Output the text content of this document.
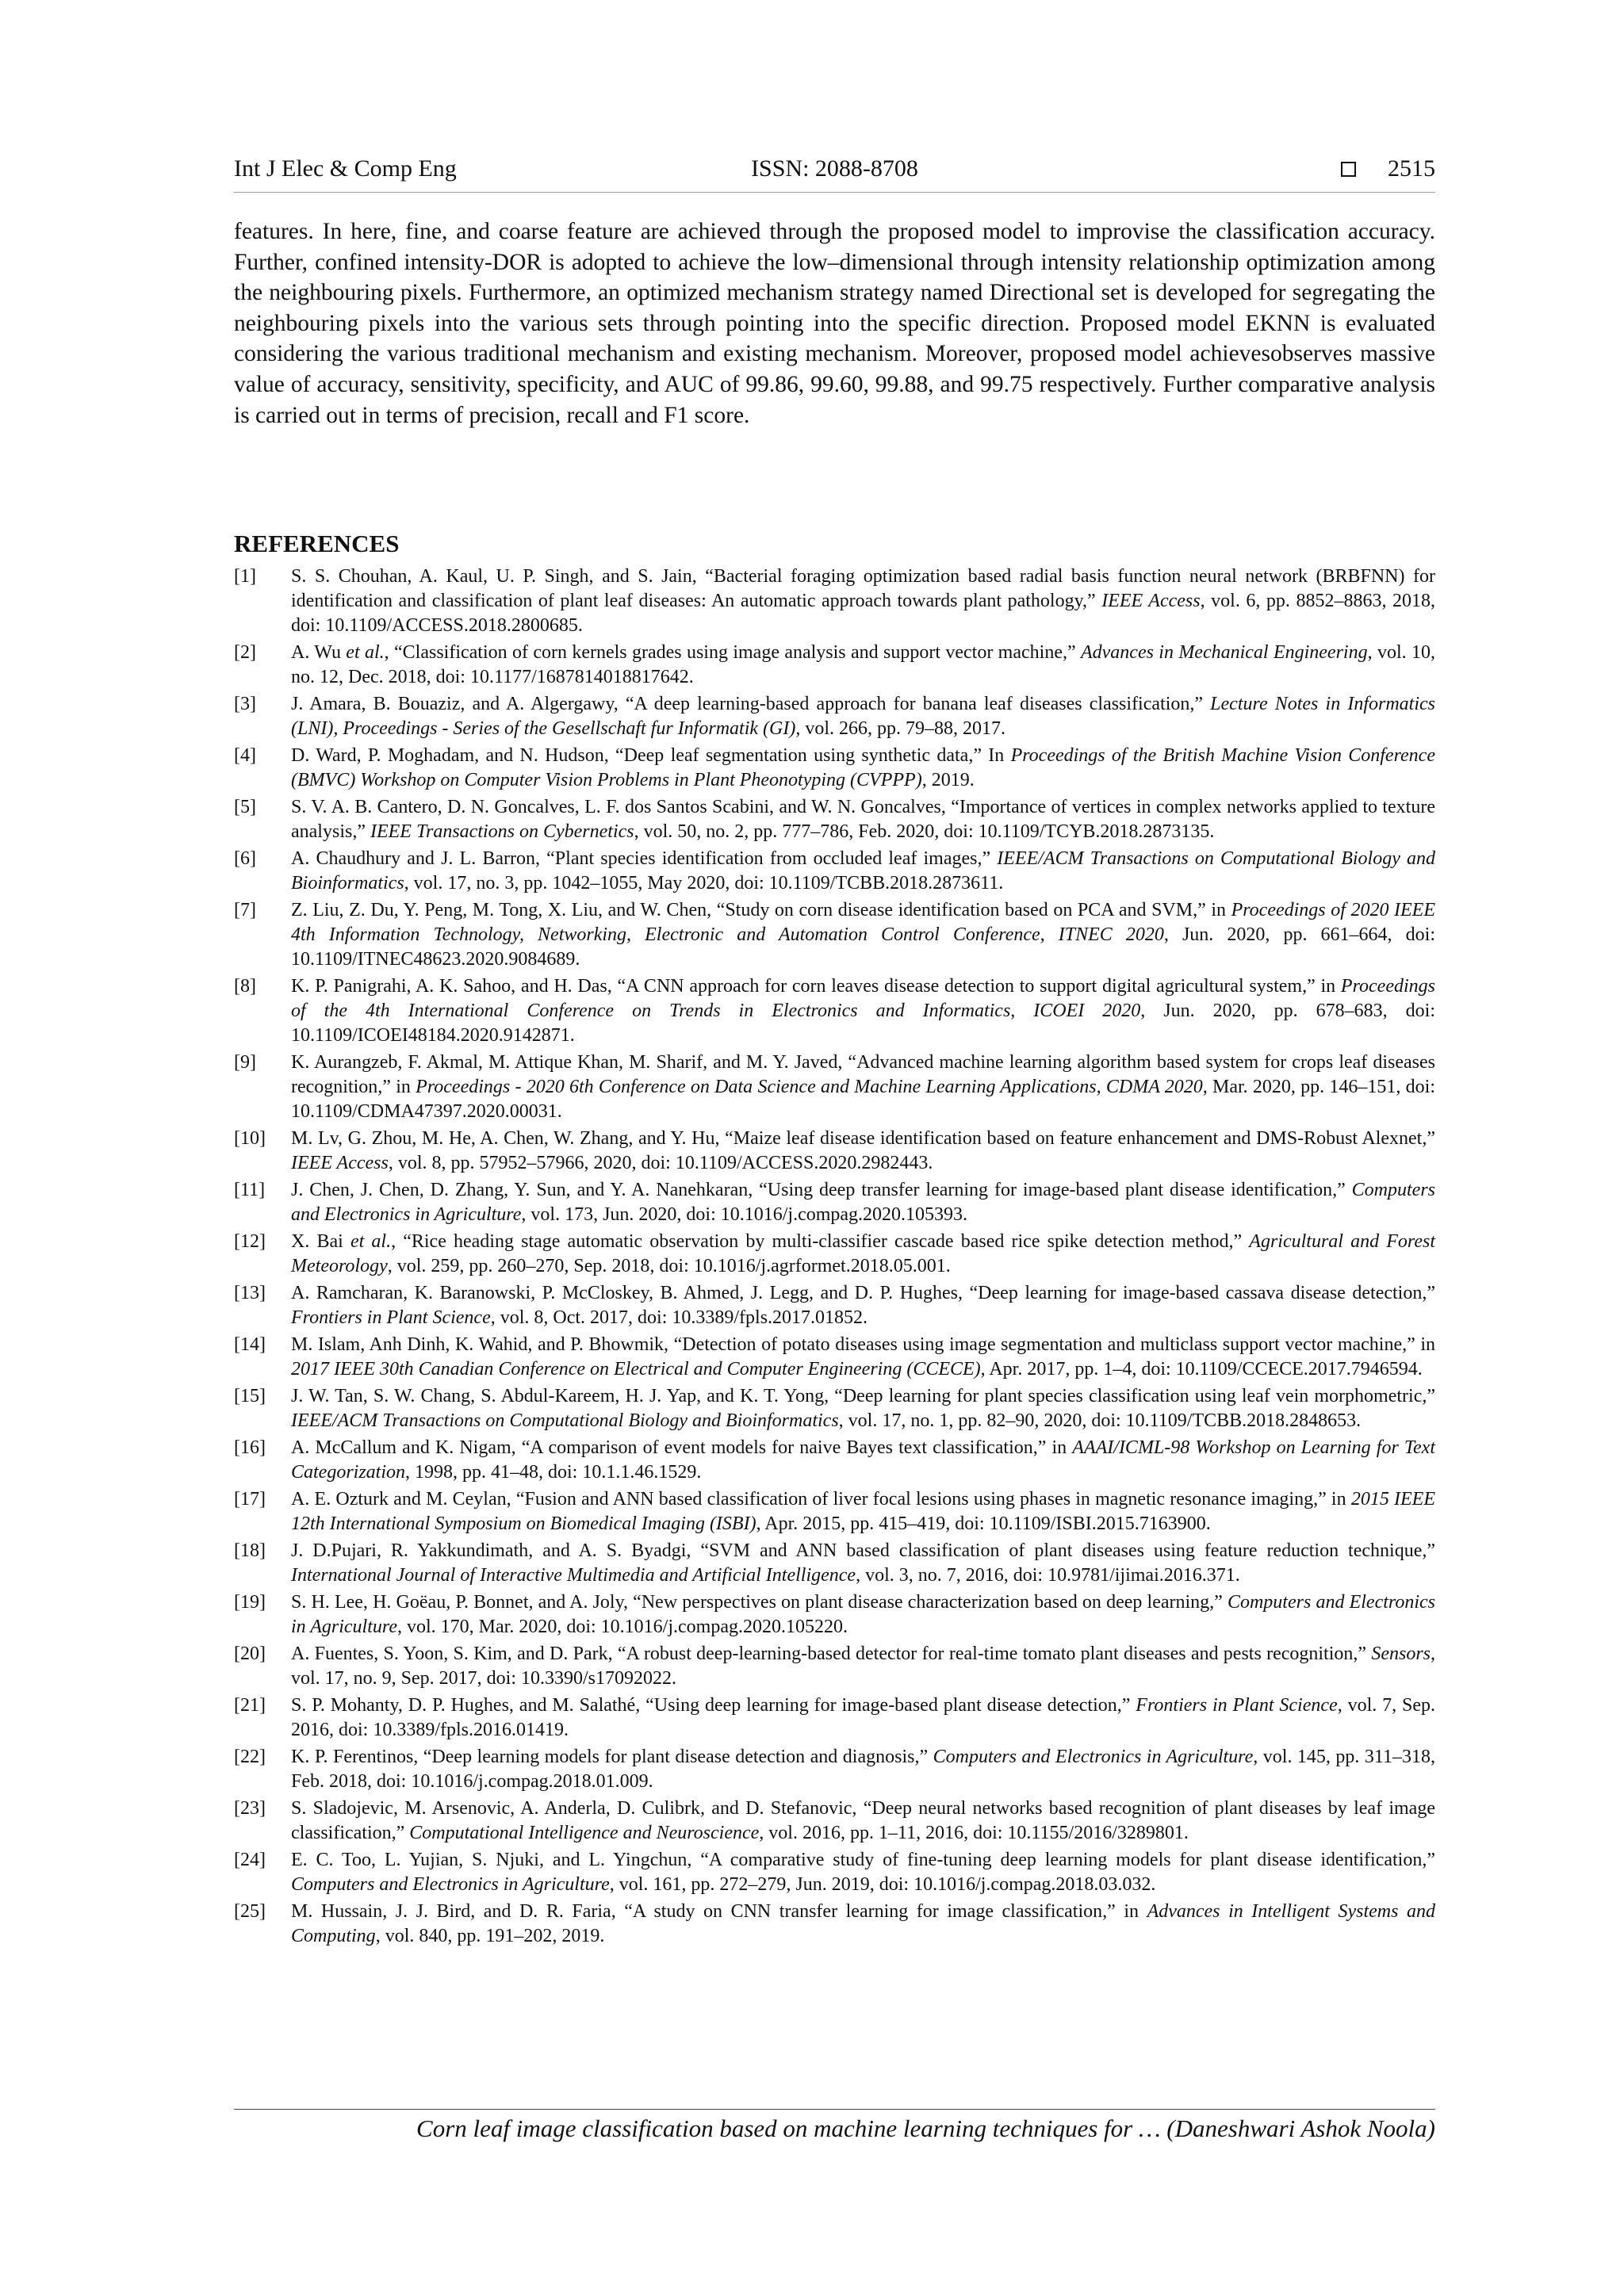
Int J Elec & Comp Eng	ISSN: 2088-8708	2515

features. In here, fine, and coarse feature are achieved through the proposed model to improvise the classification accuracy. Further, confined intensity-DOR is adopted to achieve the low–dimensional through intensity relationship optimization among the neighbouring pixels. Furthermore, an optimized mechanism strategy named Directional set is developed for segregating the neighbouring pixels into the various sets through pointing into the specific direction. Proposed model EKNN is evaluated considering the various traditional mechanism and existing mechanism. Moreover, proposed model achievesobserves massive value of accuracy, sensitivity, specificity, and AUC of 99.86, 99.60, 99.88, and 99.75 respectively. Further comparative analysis is carried out in terms of precision, recall and F1 score.

REFERENCES
[1]	S. S. Chouhan, A. Kaul, U. P. Singh, and S. Jain, “Bacterial foraging optimization based radial basis function neural network (BRBFNN) for identification and classification of plant leaf diseases: An automatic approach towards plant pathology,” IEEE Access, vol. 6, pp. 8852–8863, 2018, doi: 10.1109/ACCESS.2018.2800685.
[2]	A. Wu et al., “Classification of corn kernels grades using image analysis and support vector machine,” Advances in Mechanical Engineering, vol. 10, no. 12, Dec. 2018, doi: 10.1177/1687814018817642.
[3]	J. Amara, B. Bouaziz, and A. Algergawy, “A deep learning-based approach for banana leaf diseases classification,” Lecture Notes in Informatics (LNI), Proceedings - Series of the Gesellschaft fur Informatik (GI), vol. 266, pp. 79–88, 2017.
[4]	D. Ward, P. Moghadam, and N. Hudson, “Deep leaf segmentation using synthetic data,” In Proceedings of the British Machine Vision Conference (BMVC) Workshop on Computer Vision Problems in Plant Pheonotyping (CVPPP), 2019.
[5]	S. V. A. B. Cantero, D. N. Goncalves, L. F. dos Santos Scabini, and W. N. Goncalves, “Importance of vertices in complex networks applied to texture analysis,” IEEE Transactions on Cybernetics, vol. 50, no. 2, pp. 777–786, Feb. 2020, doi: 10.1109/TCYB.2018.2873135.
[6]	A. Chaudhury and J. L. Barron, “Plant species identification from occluded leaf images,” IEEE/ACM Transactions on Computational Biology and Bioinformatics, vol. 17, no. 3, pp. 1042–1055, May 2020, doi: 10.1109/TCBB.2018.2873611.
[7]	Z. Liu, Z. Du, Y. Peng, M. Tong, X. Liu, and W. Chen, “Study on corn disease identification based on PCA and SVM,” in Proceedings of 2020 IEEE 4th Information Technology, Networking, Electronic and Automation Control Conference, ITNEC 2020, Jun. 2020, pp. 661–664, doi: 10.1109/ITNEC48623.2020.9084689.
[8]	K. P. Panigrahi, A. K. Sahoo, and H. Das, “A CNN approach for corn leaves disease detection to support digital agricultural system,” in Proceedings of the 4th International Conference on Trends in Electronics and Informatics, ICOEI 2020, Jun. 2020, pp. 678–683, doi: 10.1109/ICOEI48184.2020.9142871.
[9]	K. Aurangzeb, F. Akmal, M. Attique Khan, M. Sharif, and M. Y. Javed, “Advanced machine learning algorithm based system for crops leaf diseases recognition,” in Proceedings - 2020 6th Conference on Data Science and Machine Learning Applications, CDMA 2020, Mar. 2020, pp. 146–151, doi: 10.1109/CDMA47397.2020.00031.
[10]	M. Lv, G. Zhou, M. He, A. Chen, W. Zhang, and Y. Hu, “Maize leaf disease identification based on feature enhancement and DMS-Robust Alexnet,” IEEE Access, vol. 8, pp. 57952–57966, 2020, doi: 10.1109/ACCESS.2020.2982443.
[11]	J. Chen, J. Chen, D. Zhang, Y. Sun, and Y. A. Nanehkaran, “Using deep transfer learning for image-based plant disease identification,” Computers and Electronics in Agriculture, vol. 173, Jun. 2020, doi: 10.1016/j.compag.2020.105393.
[12]	X. Bai et al., “Rice heading stage automatic observation by multi-classifier cascade based rice spike detection method,” Agricultural and Forest Meteorology, vol. 259, pp. 260–270, Sep. 2018, doi: 10.1016/j.agrformet.2018.05.001.
[13]	A. Ramcharan, K. Baranowski, P. McCloskey, B. Ahmed, J. Legg, and D. P. Hughes, “Deep learning for image-based cassava disease detection,” Frontiers in Plant Science, vol. 8, Oct. 2017, doi: 10.3389/fpls.2017.01852.
[14]	M. Islam, Anh Dinh, K. Wahid, and P. Bhowmik, “Detection of potato diseases using image segmentation and multiclass support vector machine,” in 2017 IEEE 30th Canadian Conference on Electrical and Computer Engineering (CCECE), Apr. 2017, pp. 1–4, doi: 10.1109/CCECE.2017.7946594.
[15]	J. W. Tan, S. W. Chang, S. Abdul-Kareem, H. J. Yap, and K. T. Yong, “Deep learning for plant species classification using leaf vein morphometric,” IEEE/ACM Transactions on Computational Biology and Bioinformatics, vol. 17, no. 1, pp. 82–90, 2020, doi: 10.1109/TCBB.2018.2848653.
[16]	A. McCallum and K. Nigam, “A comparison of event models for naive Bayes text classification,” in AAAI/ICML-98 Workshop on Learning for Text Categorization, 1998, pp. 41–48, doi: 10.1.1.46.1529.
[17]	A. E. Ozturk and M. Ceylan, “Fusion and ANN based classification of liver focal lesions using phases in magnetic resonance imaging,” in 2015 IEEE 12th International Symposium on Biomedical Imaging (ISBI), Apr. 2015, pp. 415–419, doi: 10.1109/ISBI.2015.7163900.
[18]	J. D.Pujari, R. Yakkundimath, and A. S. Byadgi, “SVM and ANN based classification of plant diseases using feature reduction technique,” International Journal of Interactive Multimedia and Artificial Intelligence, vol. 3, no. 7, 2016, doi: 10.9781/ijimai.2016.371.
[19]	S. H. Lee, H. Goëau, P. Bonnet, and A. Joly, “New perspectives on plant disease characterization based on deep learning,” Computers and Electronics in Agriculture, vol. 170, Mar. 2020, doi: 10.1016/j.compag.2020.105220.
[20]	A. Fuentes, S. Yoon, S. Kim, and D. Park, “A robust deep-learning-based detector for real-time tomato plant diseases and pests recognition,” Sensors, vol. 17, no. 9, Sep. 2017, doi: 10.3390/s17092022.
[21]	S. P. Mohanty, D. P. Hughes, and M. Salathé, “Using deep learning for image-based plant disease detection,” Frontiers in Plant Science, vol. 7, Sep. 2016, doi: 10.3389/fpls.2016.01419.
[22]	K. P. Ferentinos, “Deep learning models for plant disease detection and diagnosis,” Computers and Electronics in Agriculture, vol. 145, pp. 311–318, Feb. 2018, doi: 10.1016/j.compag.2018.01.009.
[23]	S. Sladojevic, M. Arsenovic, A. Anderla, D. Culibrk, and D. Stefanovic, “Deep neural networks based recognition of plant diseases by leaf image classification,” Computational Intelligence and Neuroscience, vol. 2016, pp. 1–11, 2016, doi: 10.1155/2016/3289801.
[24]	E. C. Too, L. Yujian, S. Njuki, and L. Yingchun, “A comparative study of fine-tuning deep learning models for plant disease identification,” Computers and Electronics in Agriculture, vol. 161, pp. 272–279, Jun. 2019, doi: 10.1016/j.compag.2018.03.032.
[25]	M. Hussain, J. J. Bird, and D. R. Faria, “A study on CNN transfer learning for image classification,” in Advances in Intelligent Systems and Computing, vol. 840, pp. 191–202, 2019.
Corn leaf image classification based on machine learning techniques for … (Daneshwari Ashok Noola)
